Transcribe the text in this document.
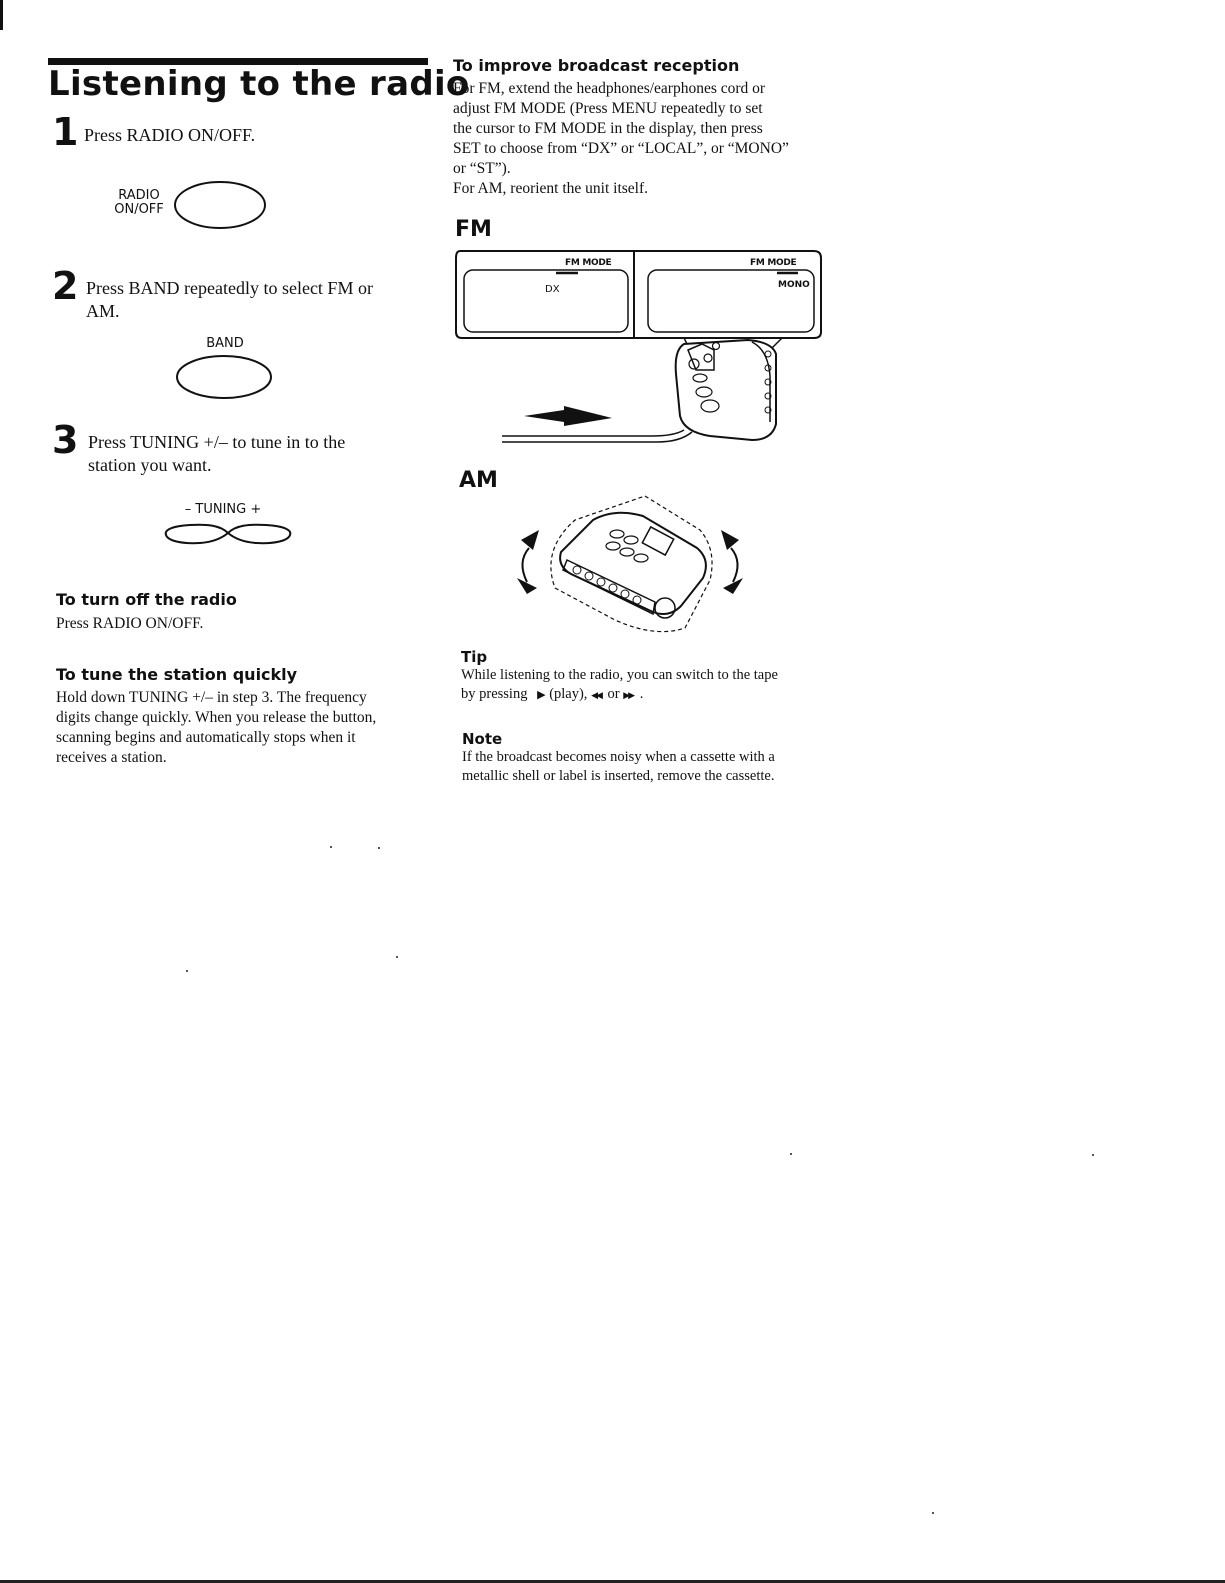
Listening to the radio
1 Press RADIO ON/OFF.
RADIO
ON/OFF
2 Press BAND repeatedly to select FM or
AM.
BAND
3 Press TUNING +/– to tune in to the
station you want.
– TUNING +
To turn off the radio
Press RADIO ON/OFF.
To tune the station quickly
Hold down TUNING +/– in step 3. The frequency
digits change quickly. When you release the button,
scanning begins and automatically stops when it
receives a station.
To improve broadcast reception
For FM, extend the headphones/earphones cord or
adjust FM MODE (Press MENU repeatedly to set
the cursor to FM MODE in the display, then press
SET to choose from “DX” or “LOCAL”, or “MONO”
or “ST”).
For AM, reorient the unit itself.
FM
FM MODE
DX
FM MODE
MONO
AM
Tip
While listening to the radio, you can switch to the tape
by pressing ▶ (play), ◀◀ or ▶▶ .
Note
If the broadcast becomes noisy when a cassette with a
metallic shell or label is inserted, remove the cassette.
